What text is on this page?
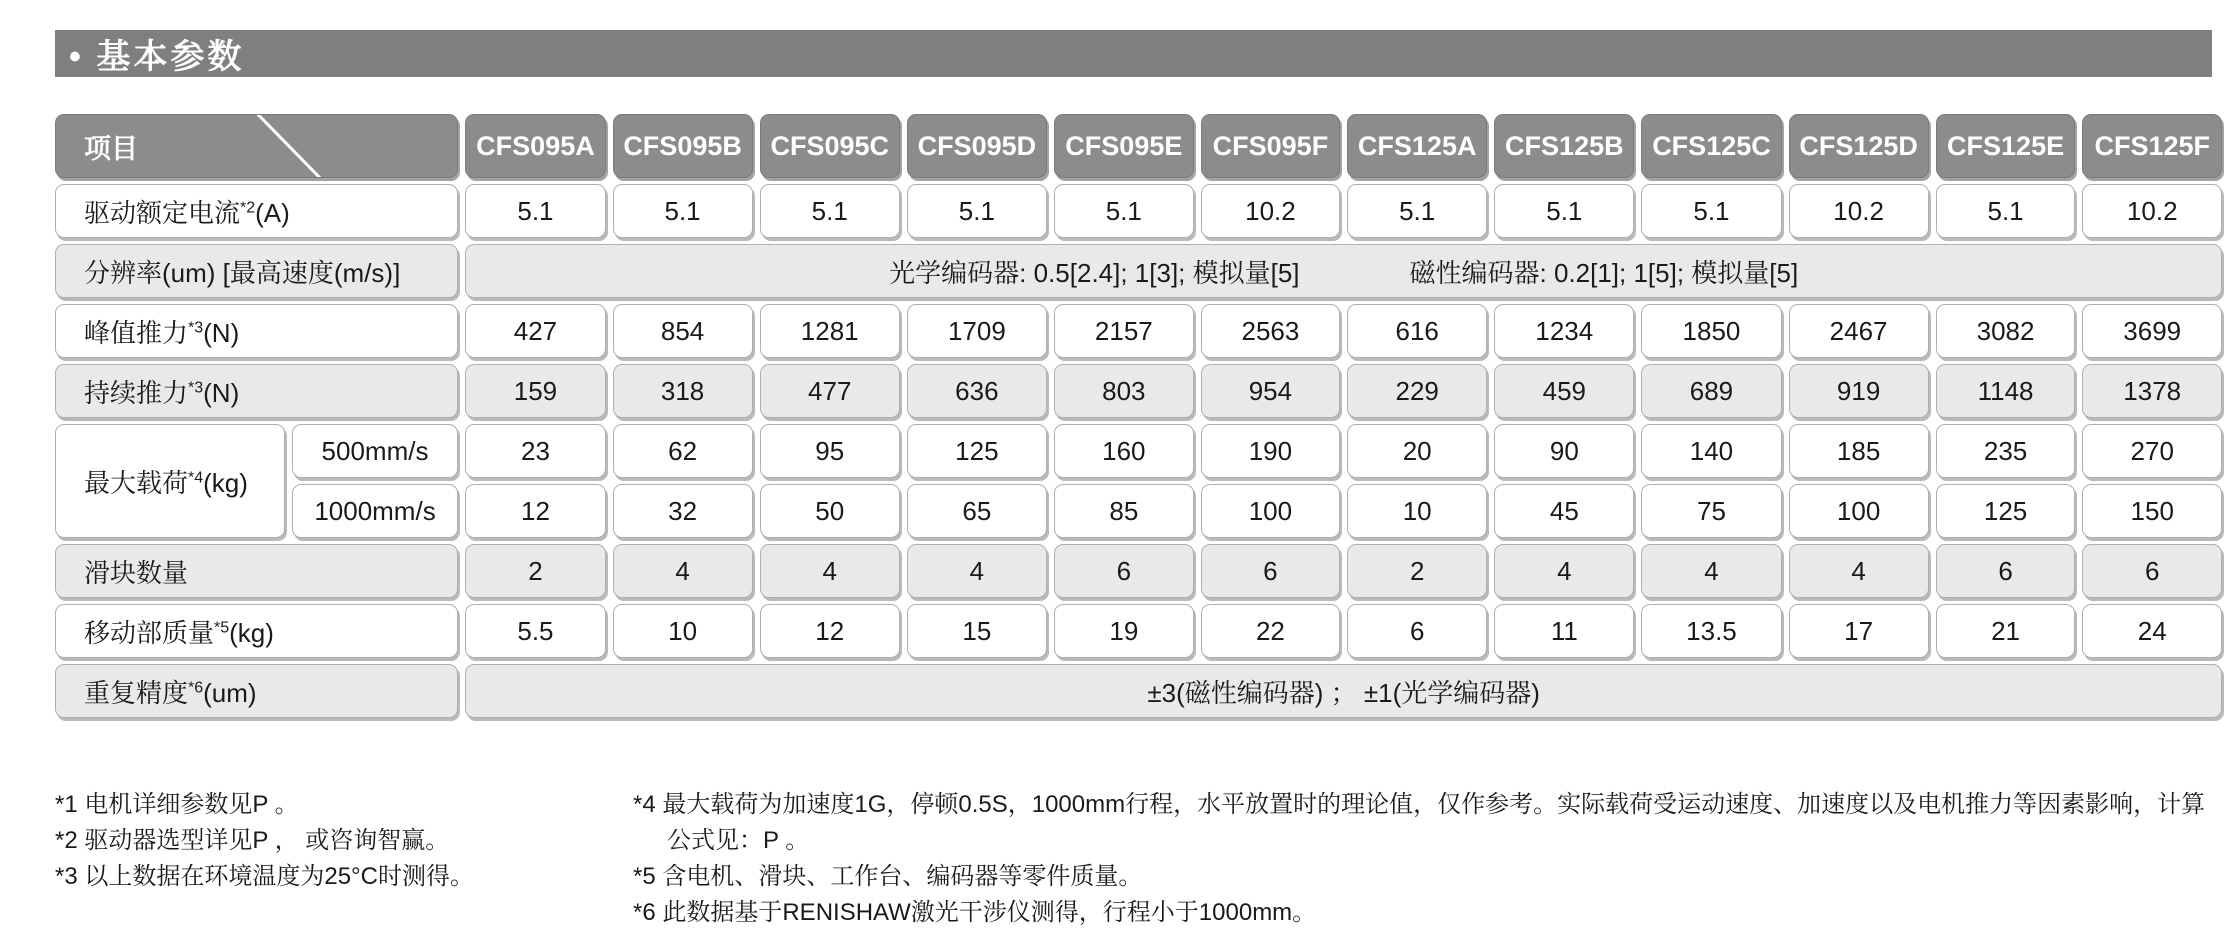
• 基本参数
项目		CFS095A	CFS095B	CFS095C	CFS095D	CFS095E	CFS095F	CFS125A	CFS125B	CFS125C	CFS125D	CFS125E	CFS125F
驱动额定电流$^{*2}$(A)		5.1	5.1	5.1	5.1	5.1	10.2	5.1	5.1	5.1	10.2	5.1	10.2
分辨率(um) [最高速度(m/s)]		光学编码器: 0.5[2.4]; 1[3]; 模拟量[5] 磁性编码器: 0.2[1]; 1[5]; 模拟量[5]											

峰值推力$^{*3}$(N)		427	854	1281	1709	2157	2563	616	1234	1850	2467	3082	3699
持续推力$^{*3}$(N)		159	318	477	636	803	954	229	459	689	919	1148	1378
最大载荷$^{*4}$(kg)	500mm/s	23	62	95	125	160	190	20	90	140	185	235	270
	1000mm/s	12	32	50	65	85	100	10	45	75	100	125	150
滑块数量		2	4	4	4	6	6	2	4	4	4	6	6
移动部质量$^{*5}$(kg)		5.5	10	12	15	19	22	6	11	13.5	17	21	24
重复精度$^{*6}$(um)		±3(磁性编码器) ； ±1(光学编码器)											
*1 电机详细参数见P 。
*2 驱动器选型详见P ， 或咨询智赢。
*3 以上数据在环境温度为25°C时测得。
*4 最大载荷为加速度1G，停顿0.5S，1000mm行程，水平放置时的理论值，仅作参考。实际载荷受运动速度、加速度以及电机推力等因素影响，计算
公式见：P 。
*5 含电机、滑块、工作台、编码器等零件质量。
*6 此数据基于RENISHAW激光干涉仪测得，行程小于1000mm。
